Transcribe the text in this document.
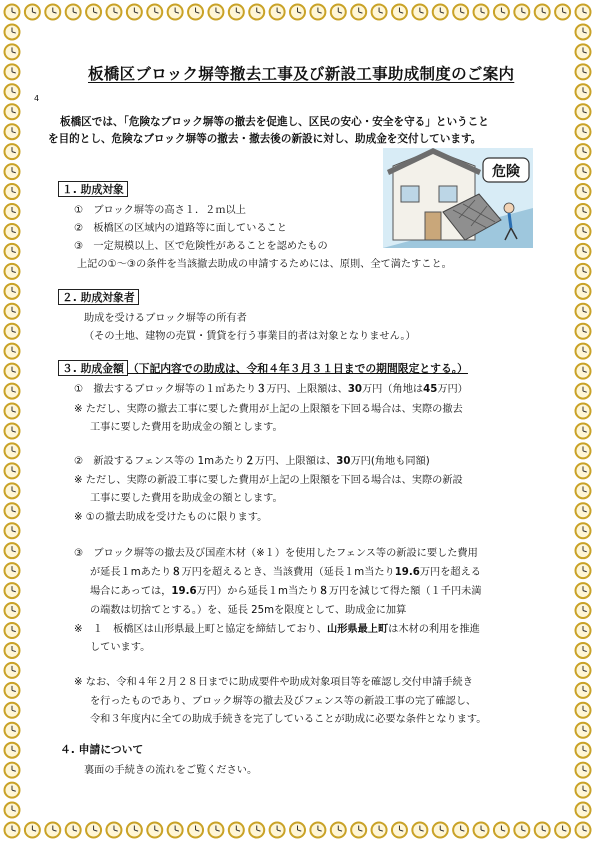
板橋区ブロック塀等撤去工事及び新設工事助成制度のご案内
4
板橋区では、「危険なブロック塀等の撤去を促進し、区民の安心・安全を守る」ということ
を目的とし、危険なブロック塀等の撤去・撤去後の新設に対し、助成金を交付しています。
危険
１. 助成対象
①　ブロック塀等の高さ１．２ｍ以上
②　板橋区の区域内の道路等に面していること
③　一定規模以上、区で危険性があることを認めたもの
上記の①～③の条件を当該撤去助成の申請するためには、原則、全て満たすこと。
２. 助成対象者
助成を受けるブロック塀等の所有者
（その土地、建物の売買・賃貸を行う事業目的者は対象となりません。）
３. 助成金額 （下記内容での助成は、令和４年３月３１日までの期間限定とする。）
①　撤去するブロック塀等の１㎡あたり３万円、上限額は、30万円（角地は45万円）
※ ただし、実際の撤去工事に要した費用が上記の上限額を下回る場合は、実際の撤去
工事に要した費用を助成金の額とします。
②　新設するフェンス等の 1mあたり２万円、上限額は、30万円(角地も同額)
※ ただし、実際の新設工事に要した費用が上記の上限額を下回る場合は、実際の新設
工事に要した費用を助成金の額とします。
※ ①の撤去助成を受けたものに限ります。
③　ブロック塀等の撤去及び国産木材（※１）を使用したフェンス等の新設に要した費用
が延長１mあたり８万円を超えるとき、当該費用（延長１m当たり19.6万円を超える
場合にあっては，19.6万円）から延長１m当たり８万円を減じて得た額（１千円未満
の端数は切捨てとする。）を、延長 25mを限度として、助成金に加算
※　１　板橋区は山形県最上町と協定を締結しており、山形県最上町は木材の利用を推進
しています。
※ なお、令和４年２月２８日までに助成要件や助成対象項目等を確認し交付申請手続き
を行ったものであり、ブロック塀等の撤去及びフェンス等の新設工事の完了確認し、
令和３年度内に全ての助成手続きを完了していることが助成に必要な条件となります。
４. 申請について
裏面の手続きの流れをご覧ください。
